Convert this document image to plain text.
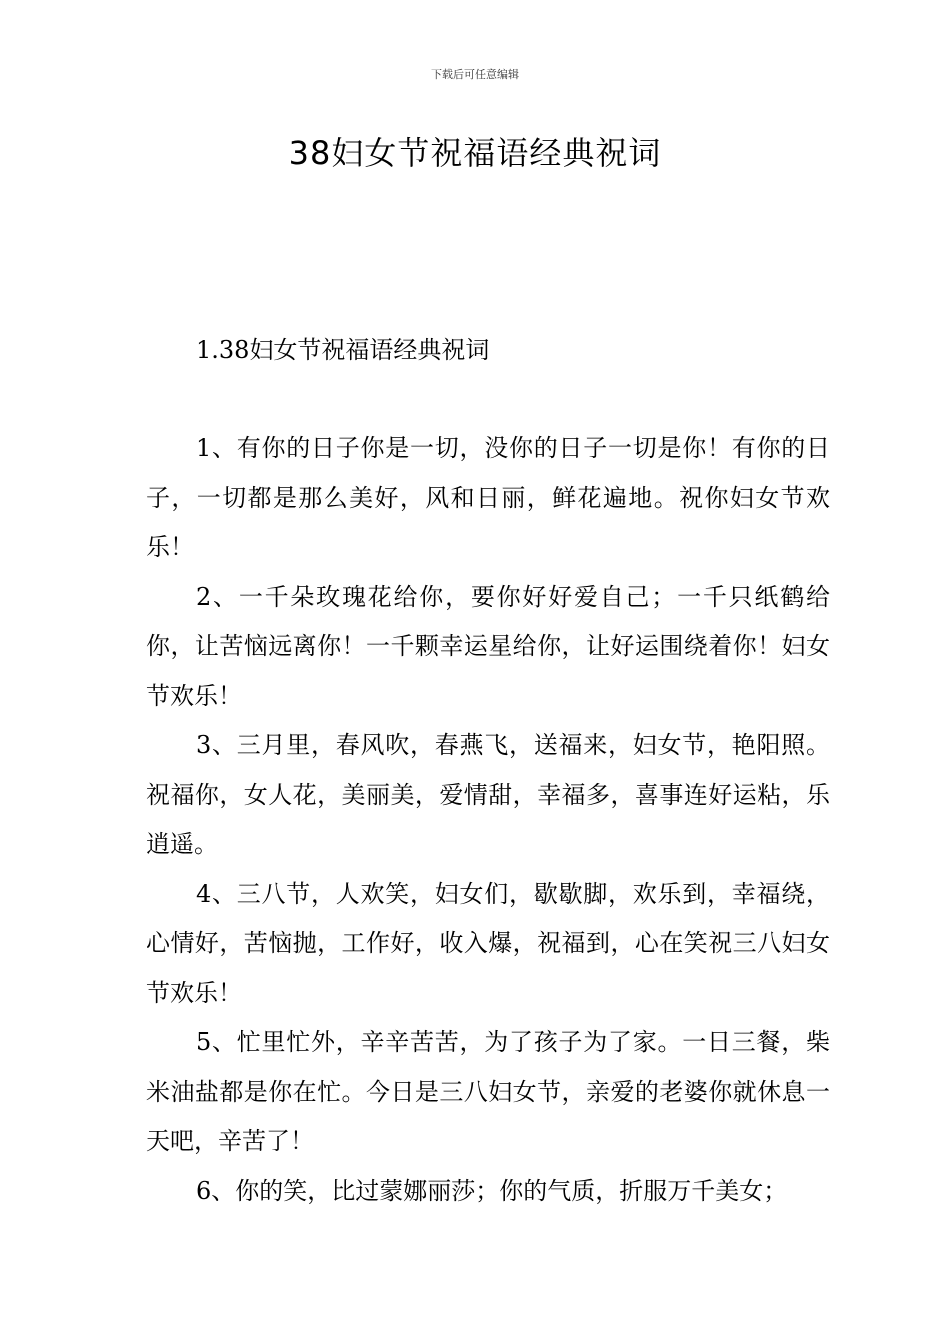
下载后可任意编辑
38妇女节祝福语经典祝词
1.38妇女节祝福语经典祝词

1、有你的日子你是一切，没你的日子一切是你！有你的日子，一切都是那么美好，风和日丽，鲜花遍地。祝你妇女节欢乐！

2、一千朵玫瑰花给你，要你好好爱自己；一千只纸鹤给你，让苦恼远离你！一千颗幸运星给你，让好运围绕着你！妇女节欢乐！

3、三月里，春风吹，春燕飞，送福来，妇女节，艳阳照。祝福你，女人花，美丽美，爱情甜，幸福多，喜事连好运粘，乐逍遥。

4、三八节，人欢笑，妇女们，歇歇脚，欢乐到，幸福绕，心情好，苦恼抛，工作好，收入爆，祝福到，心在笑祝三八妇女节欢乐！

5、忙里忙外，辛辛苦苦，为了孩子为了家。一日三餐，柴米油盐都是你在忙。今日是三八妇女节，亲爱的老婆你就休息一天吧，辛苦了！

6、你的笑，比过蒙娜丽莎；你的气质，折服万千美女；
